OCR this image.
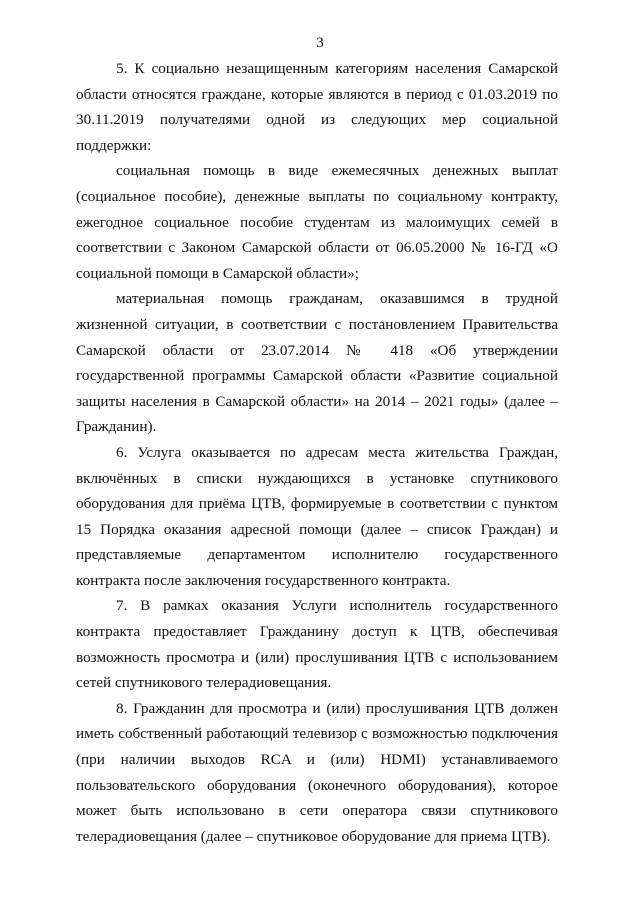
3

5. К социально незащищенным категориям населения Самарской области относятся граждане, которые являются в период с 01.03.2019 по 30.11.2019 получателями одной из следующих мер социальной поддержки:

социальная помощь в виде ежемесячных денежных выплат (социальное пособие), денежные выплаты по социальному контракту, ежегодное социальное пособие студентам из малоимущих семей в соответствии с Законом Самарской области от 06.05.2000 № 16-ГД «О социальной помощи в Самарской области»;

материальная помощь гражданам, оказавшимся в трудной жизненной ситуации, в соответствии с постановлением Правительства Самарской области от 23.07.2014 № 418 «Об утверждении государственной программы Самарской области «Развитие социальной защиты населения в Самарской области» на 2014 – 2021 годы» (далее – Гражданин).

6. Услуга оказывается по адресам места жительства Граждан, включённых в списки нуждающихся в установке спутникового оборудования для приёма ЦТВ, формируемые в соответствии с пунктом 15 Порядка оказания адресной помощи (далее – список Граждан) и представляемые департаментом исполнителю государственного контракта после заключения государственного контракта.

7. В рамках оказания Услуги исполнитель государственного контракта предоставляет Гражданину доступ к ЦТВ, обеспечивая возможность просмотра и (или) прослушивания ЦТВ с использованием сетей спутникового телерадиовещания.

8. Гражданин для просмотра и (или) прослушивания ЦТВ должен иметь собственный работающий телевизор с возможностью подключения (при наличии выходов RCA и (или) HDMI) устанавливаемого пользовательского оборудования (оконечного оборудования), которое может быть использовано в сети оператора связи спутникового телерадиовещания (далее – спутниковое оборудование для приема ЦТВ).
